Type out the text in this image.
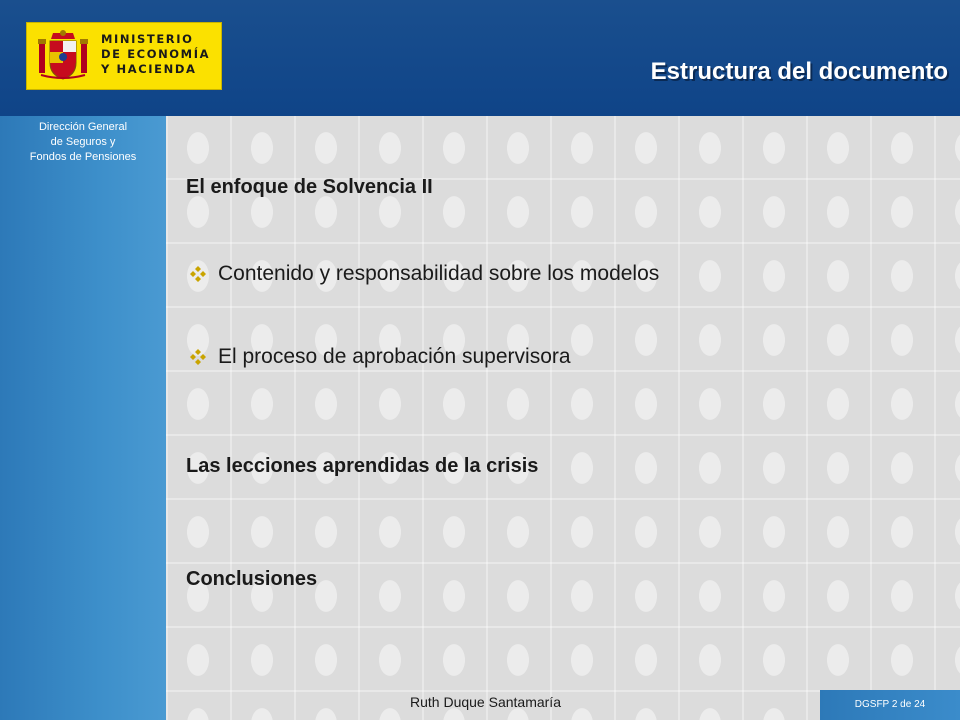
MINISTERIO
DE ECONOMÍA
Y HACIENDA	Estructura del documento

Dirección General
de Seguros y
Fondos de Pensiones

El enfoque de Solvencia II

Contenido y responsabilidad sobre los modelos

El proceso de aprobación supervisora

Las lecciones aprendidas de la crisis
Conclusiones

Ruth Duque Santamaría	DGSFP 2 de 24
